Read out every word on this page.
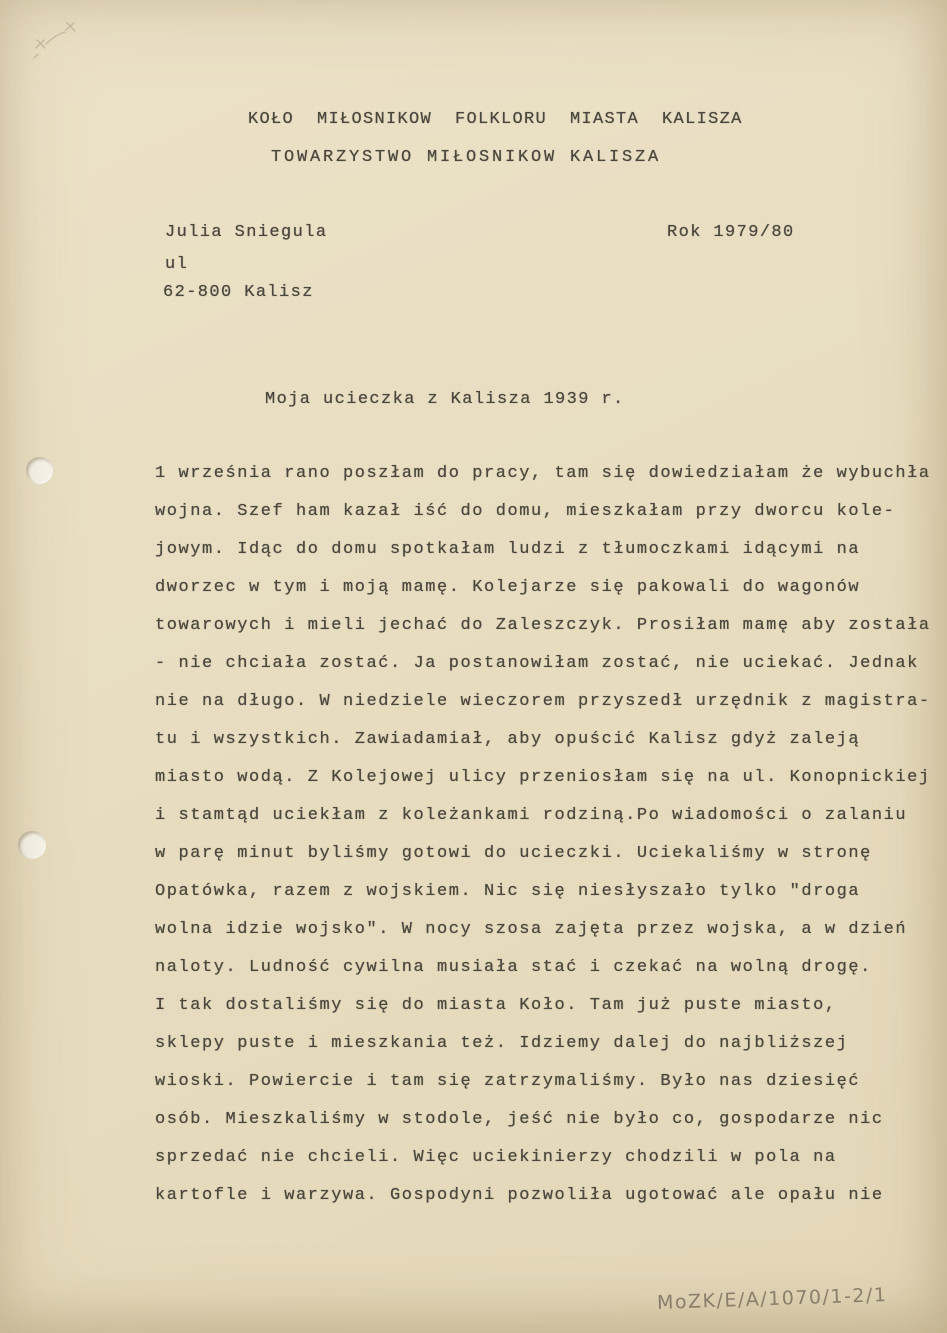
KOŁO  MIŁOSNIKOW  FOLKLORU  MIASTA  KALISZA
TOWARZYSTWO MIŁOSNIKOW KALISZA
Julia Sniegula	Rok 1979/80
ul
62-800 Kalisz
Moja ucieczka z Kalisza 1939 r.
1 września rano poszłam do pracy, tam się dowiedziałam że wybuchła
wojna. Szef ham kazał iść do domu, mieszkałam przy dworcu kole-
jowym. Idąc do domu spotkałam ludzi z tłumoczkami idącymi na
dworzec w tym i moją mamę. Kolejarze się pakowali do wagonów
towarowych i mieli jechać do Zaleszczyk. Prosiłam mamę aby została
- nie chciała zostać. Ja postanowiłam zostać, nie uciekać. Jednak
nie na długo. W niedziele wieczorem przyszedł urzędnik z magistra-
tu i wszystkich. Zawiadamiał, aby opuścić Kalisz gdyż zaleją
miasto wodą. Z Kolejowej ulicy przeniosłam się na ul. Konopnickiej
i stamtąd uciekłam z koleżankami rodziną.Po wiadomości o zalaniu
w parę minut byliśmy gotowi do ucieczki. Uciekaliśmy w stronę
Opatówka, razem z wojskiem. Nic się niesłyszało tylko "droga
wolna idzie wojsko". W nocy szosa zajęta przez wojska, a w dzień
naloty. Ludność cywilna musiała stać i czekać na wolną drogę.
I tak dostaliśmy się do miasta Koło. Tam już puste miasto,
sklepy puste i mieszkania też. Idziemy dalej do najbliższej
wioski. Powiercie i tam się zatrzymaliśmy. Było nas dziesięć
osób. Mieszkaliśmy w stodole, jeść nie było co, gospodarze nic
sprzedać nie chcieli. Więc uciekinierzy chodzili w pola na
kartofle i warzywa. Gospodyni pozwoliła ugotować ale opału nie
MoZK/E/A/1070/1-2/1
